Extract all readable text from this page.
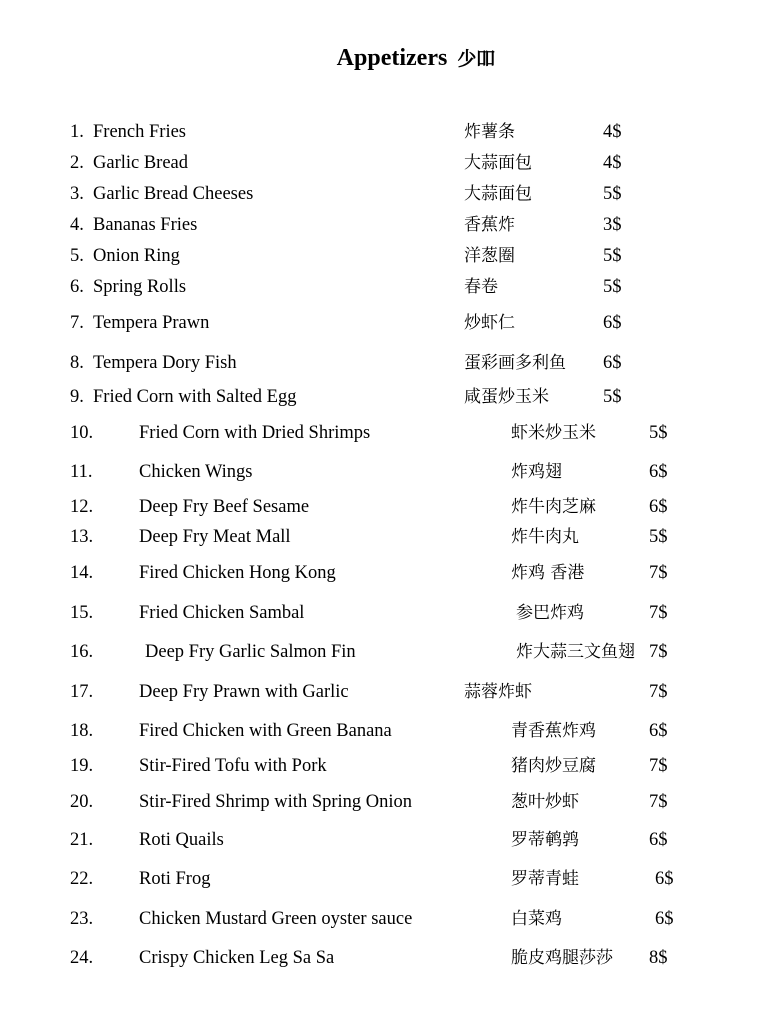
Appetizers 少吅
1. French Fries	炸薯条	4$
2. Garlic Bread	大蒜面包	4$
3. Garlic Bread Cheeses	大蒜面包	5$
4. Bananas Fries	香蕉炸	3$
5. Onion Ring	洋葱圈	5$
6. Spring Rolls	春卷	5$
7. Tempera Prawn	炒虾仁	6$
8. Tempera Dory Fish	蛋彩画多利鱼 6$
9. Fried Corn with Salted Egg	咸蛋炒玉米	5$
10. Fried Corn with Dried Shrimps	虾米炒玉米	5$
11.	Chicken Wings	炸鸡翅	6$
12. Deep Fry Beef Sesame	炸牛肉芝麻	6$
13. Deep Fry Meat Mall	炸牛肉丸	5$
14. Fired Chicken Hong Kong	炸鸡 香港	7$
15. Fried Chicken Sambal	参巴炸鸡	7$
16.	Deep Fry Garlic Salmon Fin	炸大蒜三文鱼翅 7$
17. Deep Fry Prawn with Garlic	蒜蓉炸虾	7$
18. Fired Chicken with Green Banana	青香蕉炸鸡	6$
19. Stir-Fired Tofu with Pork	猪肉炒豆腐	7$
20. Stir-Fired Shrimp with Spring Onion	葱叶炒虾	7$
21. Roti Quails	罗蒂鹌鹑	6$
22. Roti Frog	罗蒂青蛙	6$
23. Chicken Mustard Green oyster sauce	白菜鸡	6$
24. Crispy Chicken Leg Sa Sa	脆皮鸡腿莎莎 8$
